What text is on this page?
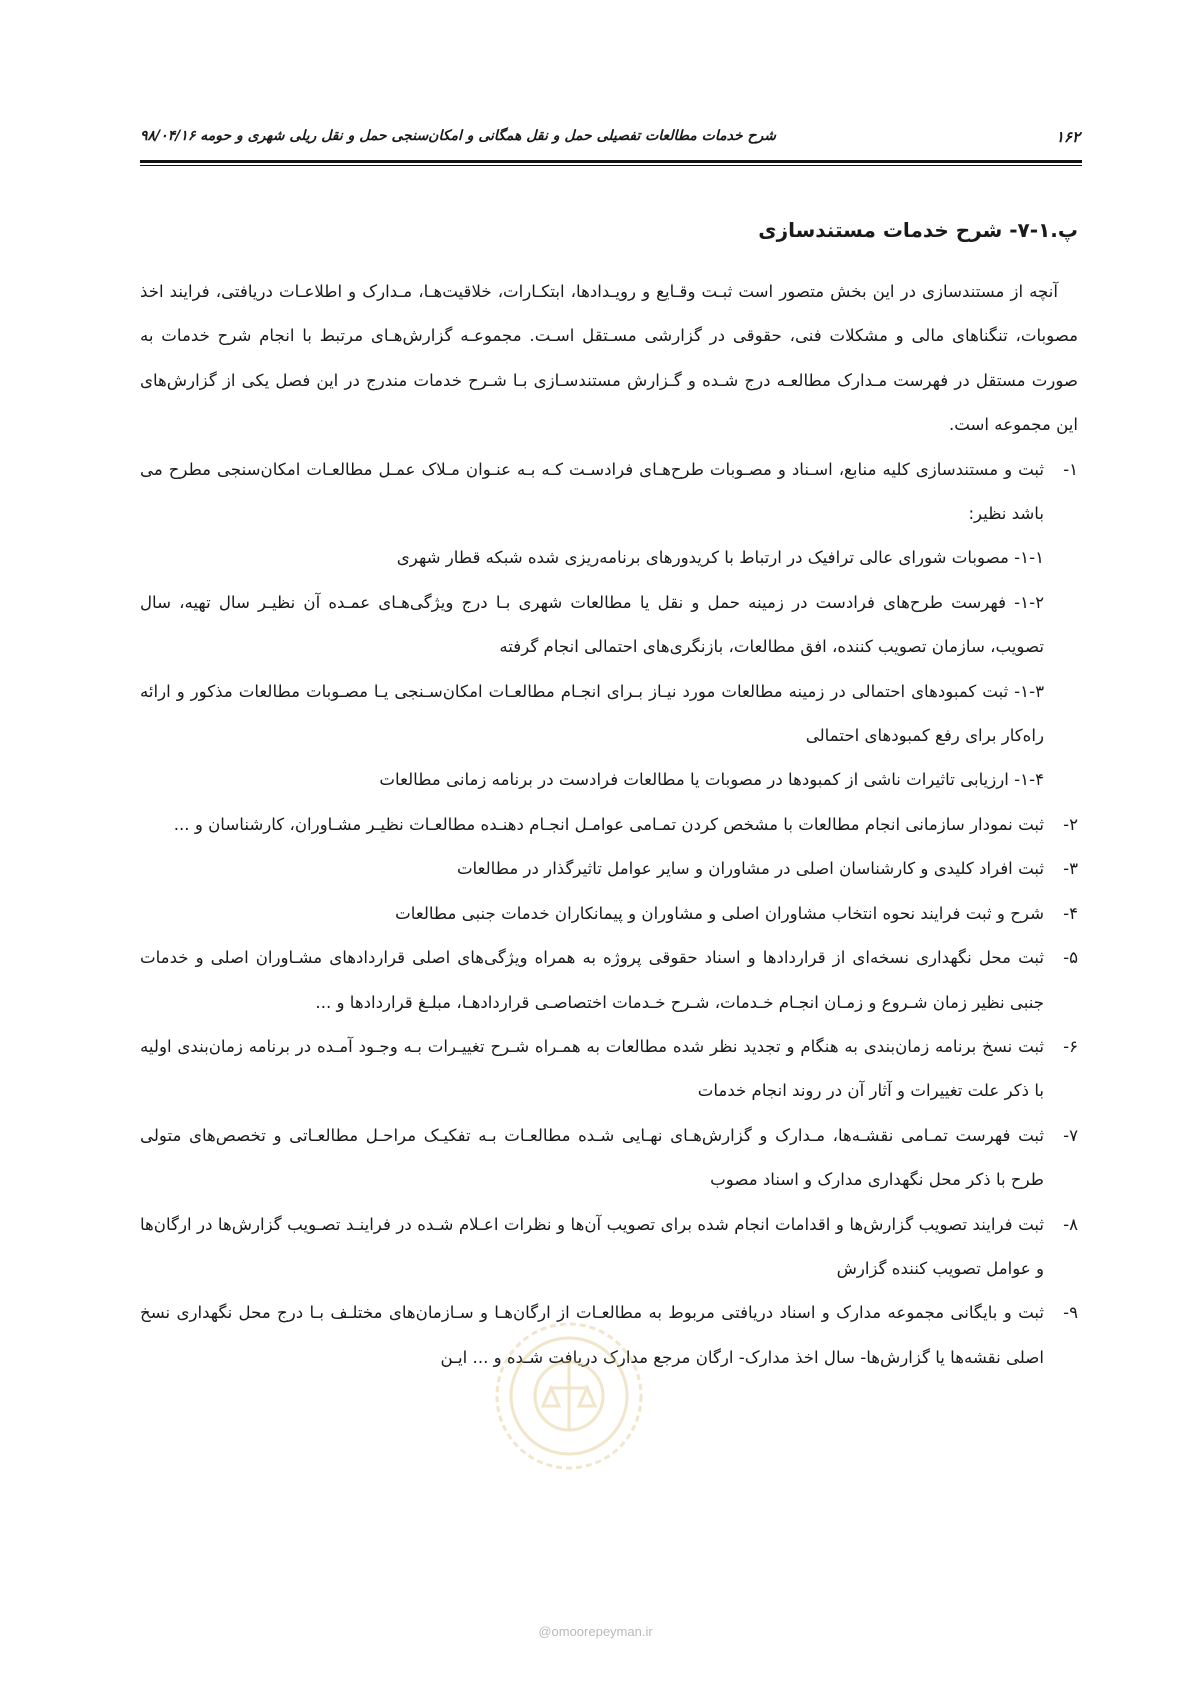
شرح خدمات مطالعات تفصیلی حمل و نقل همگانی و امکان‌سنجی حمل و نقل ریلی شهری و حومه ۹۸/۰۴/۱۶	۱۶۲
پ.۱-۷- شرح خدمات مستندسازی

آنچه از مستندسازی در این بخش متصور است ثبـت وقـایع و رویـدادها، ابتکـارات، خلاقیت‌هـا، مـدارک و اطلاعـات دریافتی، فرایند اخذ مصوبات، تنگناهای مالی و مشکلات فنی، حقوقی در گزارشی مسـتقل اسـت. مجموعـه گزارش‌هـای مرتبط با انجام شرح خدمات به صورت مستقل در فهرست مـدارک مطالعـه درج شـده و گـزارش مستندسـازی بـا شـرح خدمات مندرج در این فصل یکی از گزارش‌های این مجموعه است.

۱-
ثبت و مستندسازی کلیه منابع، اسـناد و مصـوبات طرح‌هـای فرادسـت کـه بـه عنـوان مـلاک عمـل مطالعـات امکان‌سنجی مطرح می باشد نظیر:
۱-۱- مصوبات شورای عالی ترافیک در ارتباط با کریدورهای برنامه‌ریزی شده شبکه قطار شهری
۱-۲- فهرست طرح‌های فرادست در زمینه حمل و نقل یا مطالعات شهری بـا درج ویژگی‌هـای عمـده آن نظیـر سال تهیه، سال تصویب، سازمان تصویب کننده، افق مطالعات، بازنگری‌های احتمالی انجام گرفته
۱-۳- ثبت کمبودهای احتمالی در زمینه مطالعات مورد نیـاز بـرای انجـام مطالعـات امکان‌سـنجی یـا مصـوبات مطالعات مذکور و ارائه راه‌کار برای رفع کمبودهای احتمالی
۱-۴- ارزیابی تاثیرات ناشی از کمبودها در مصوبات یا مطالعات فرادست در برنامه زمانی مطالعات
۲-
ثبت نمودار سازمانی انجام مطالعات با مشخص کردن تمـامی عوامـل انجـام دهنـده مطالعـات نظیـر مشـاوران، کارشناسان و ...
۳-
ثبت افراد کلیدی و کارشناسان اصلی در مشاوران و سایر عوامل تاثیرگذار در مطالعات
۴-
شرح و ثبت فرایند نحوه انتخاب مشاوران اصلی و مشاوران و پیمانکاران خدمات جنبی مطالعات
۵-
ثبت محل نگهداری نسخه‌ای از قراردادها و اسناد حقوقی پروژه به همراه ویژگی‌های اصلی قراردادهای مشـاوران اصلی و خدمات جنبی نظیر زمان شـروع و زمـان انجـام خـدمات، شـرح خـدمات اختصاصـی قراردادهـا، مبلـغ قراردادها و ...
۶-
ثبت نسخ برنامه زمان‌بندی به هنگام و تجدید نظر شده مطالعات به همـراه شـرح تغییـرات بـه وجـود آمـده در برنامه زمان‌بندی اولیه با ذکر علت تغییرات و آثار آن در روند انجام خدمات
۷-
ثبت فهرست تمـامی نقشـه‌ها، مـدارک و گزارش‌هـای نهـایی شـده مطالعـات بـه تفکیـک مراحـل مطالعـاتی و تخصص‌های متولی طرح با ذکر محل نگهداری مدارک و اسناد مصوب
۸-
ثبت فرایند تصویب گزارش‌ها و اقدامات انجام شده برای تصویب آن‌ها و نظرات اعـلام شـده در فراینـد تصـویب گزارش‌ها در ارگان‌ها و عوامل تصویب کننده گزارش
۹-
ثبت و بایگانی مجموعه مدارک و اسناد دریافتی مربوط به مطالعـات از ارگان‌هـا و سـازمان‌های مختلـف بـا درج محل نگهداری نسخ اصلی نقشه‌ها یا گزارش‌ها- سال اخذ مدارک- ارگان مرجع مدارک دریافت شـده و ... ایـن
@omoorepeyman.ir
